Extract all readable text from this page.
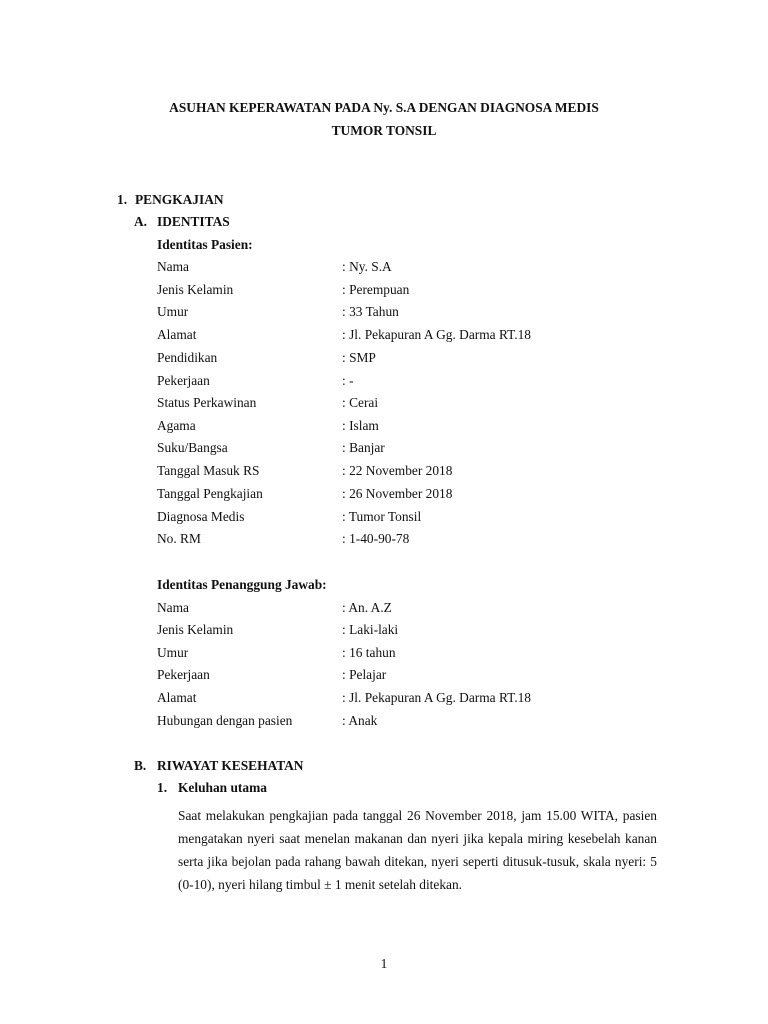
ASUHAN KEPERAWATAN PADA Ny. S.A DENGAN DIAGNOSA MEDIS
TUMOR TONSIL
1. PENGKAJIAN
A. IDENTITAS
Identitas Pasien:
Nama	: Ny. S.A
Jenis Kelamin	: Perempuan
Umur	: 33 Tahun
Alamat	: Jl. Pekapuran A Gg. Darma RT.18
Pendidikan	: SMP
Pekerjaan	: -
Status Perkawinan	: Cerai
Agama	: Islam
Suku/Bangsa	: Banjar
Tanggal Masuk RS	: 22 November 2018
Tanggal Pengkajian	: 26 November 2018
Diagnosa Medis	: Tumor Tonsil
No. RM	: 1-40-90-78
Identitas Penanggung Jawab:
Nama	: An. A.Z
Jenis Kelamin	: Laki-laki
Umur	: 16 tahun
Pekerjaan	: Pelajar
Alamat	: Jl. Pekapuran A Gg. Darma RT.18
Hubungan dengan pasien	: Anak
B. RIWAYAT KESEHATAN
1. Keluhan utama
Saat melakukan pengkajian pada tanggal 26 November 2018, jam 15.00 WITA, pasien mengatakan nyeri saat menelan makanan dan nyeri jika kepala miring kesebelah kanan serta jika bejolan pada rahang bawah ditekan, nyeri seperti ditusuk-tusuk, skala nyeri: 5 (0-10), nyeri hilang timbul ± 1 menit setelah ditekan.
1
